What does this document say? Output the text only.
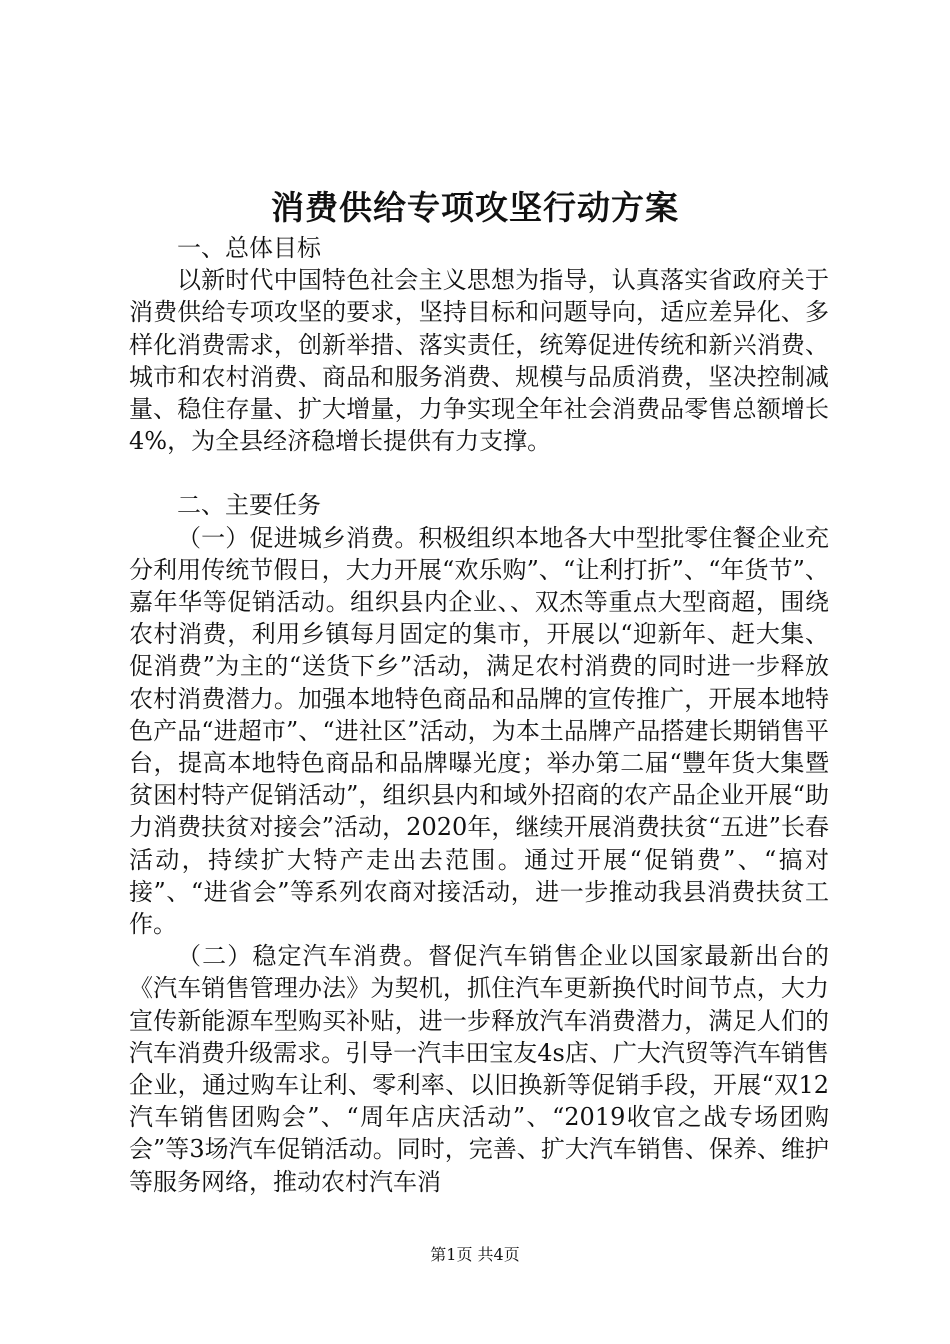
消费供给专项攻坚行动方案

一、总体目标

以新时代中国特色社会主义思想为指导，认真落实省政府关于消费供给专项攻坚的要求，坚持目标和问题导向，适应差异化、多样化消费需求，创新举措、落实责任，统筹促进传统和新兴消费、城市和农村消费、商品和服务消费、规模与品质消费，坚决控制减量、稳住存量、扩大增量，力争实现全年社会消费品零售总额增长4%，为全县经济稳增长提供有力支撑。

二、主要任务

（一）促进城乡消费。积极组织本地各大中型批零住餐企业充分利用传统节假日，大力开展“欢乐购”、“让利打折”、“年货节”、嘉年华等促销活动。组织县内企业、、双杰等重点大型商超，围绕农村消费，利用乡镇每月固定的集市，开展以“迎新年、赶大集、促消费”为主的“送货下乡”活动，满足农村消费的同时进一步释放农村消费潜力。加强本地特色商品和品牌的宣传推广，开展本地特色产品“进超市”、“进社区”活动，为本土品牌产品搭建长期销售平台，提高本地特色商品和品牌曝光度；举办第二届“豐年货大集暨贫困村特产促销活动”，组织县内和域外招商的农产品企业开展“助力消费扶贫对接会”活动，2020年，继续开展消费扶贫“五进”长春活动，持续扩大特产走出去范围。通过开展“促销费”、“搞对接”、“进省会”等系列农商对接活动，进一步推动我县消费扶贫工作。

（二）稳定汽车消费。督促汽车销售企业以国家最新出台的《汽车销售管理办法》为契机，抓住汽车更新换代时间节点，大力宣传新能源车型购买补贴，进一步释放汽车消费潜力，满足人们的汽车消费升级需求。引导一汽丰田宝友4s店、广大汽贸等汽车销售企业，通过购车让利、零利率、以旧换新等促销手段，开展“双12汽车销售团购会”、“周年店庆活动”、“2019收官之战专场团购会”等3场汽车促销活动。同时，完善、扩大汽车销售、保养、维护等服务网络，推动农村汽车消

第1页 共4页
